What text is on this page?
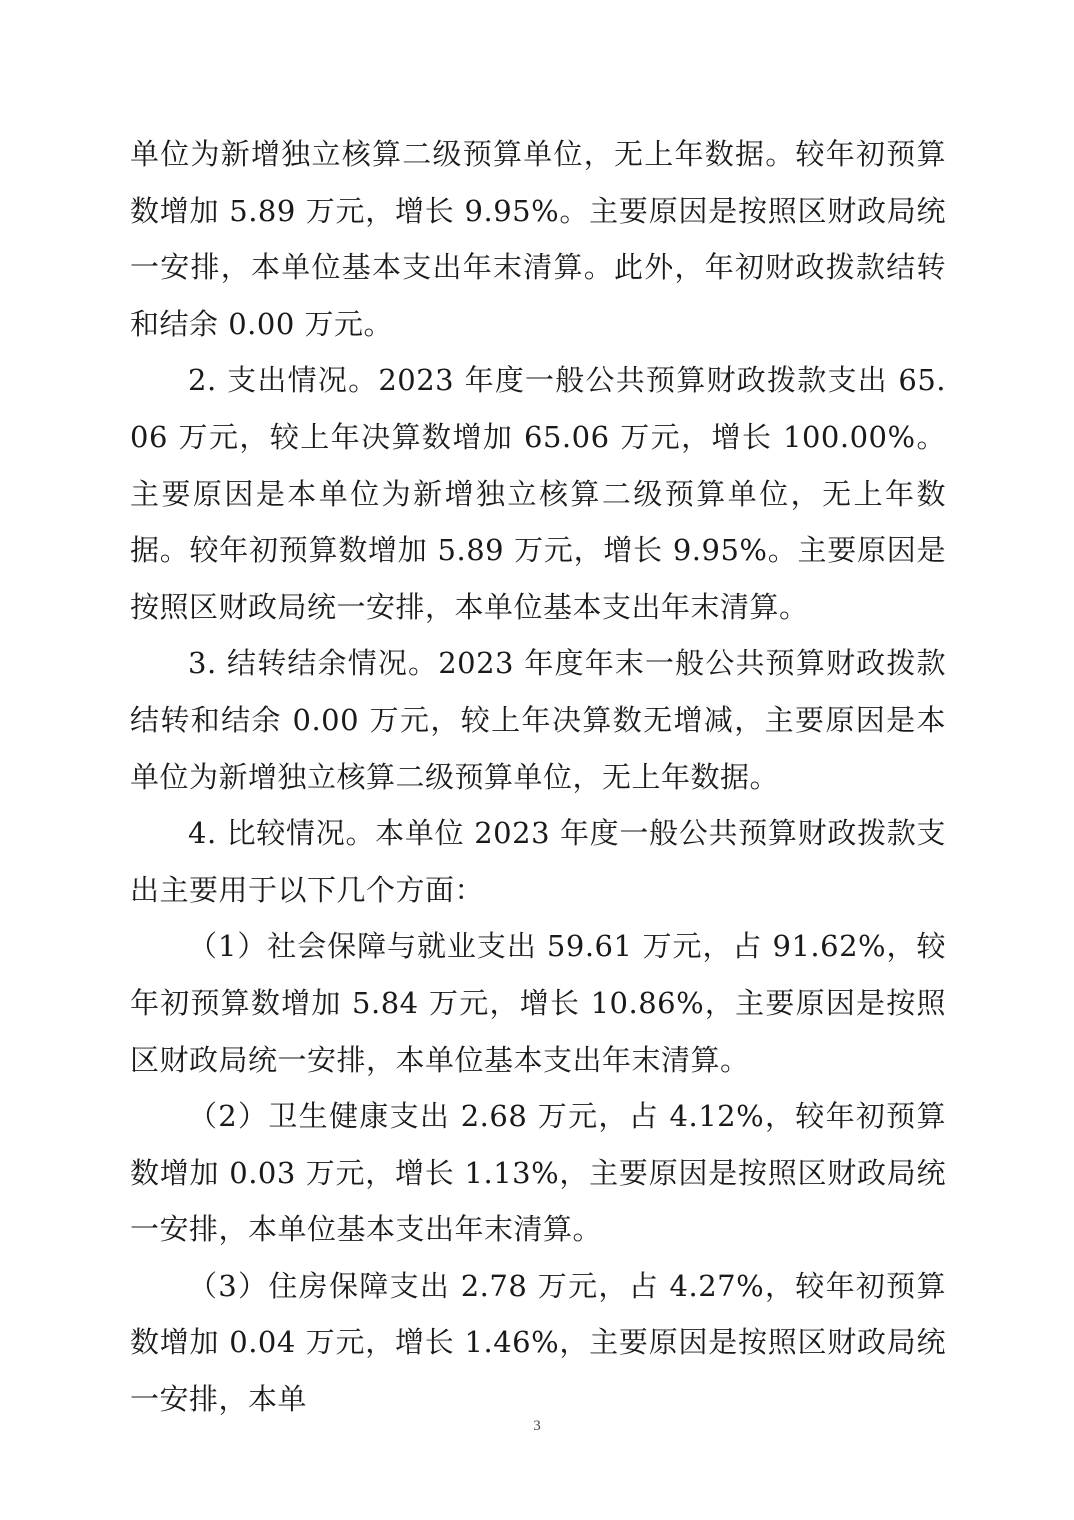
单位为新增独立核算二级预算单位，无上年数据。较年初预算数增加 5.89 万元，增长 9.95%。主要原因是按照区财政局统一安排，本单位基本支出年末清算。此外，年初财政拨款结转和结余 0.00 万元。

2. 支出情况。2023 年度一般公共预算财政拨款支出 65.06 万元，较上年决算数增加 65.06 万元，增长 100.00%。主要原因是本单位为新增独立核算二级预算单位，无上年数据。较年初预算数增加 5.89 万元，增长 9.95%。主要原因是按照区财政局统一安排，本单位基本支出年末清算。

3. 结转结余情况。2023 年度年末一般公共预算财政拨款结转和结余 0.00 万元，较上年决算数无增减，主要原因是本单位为新增独立核算二级预算单位，无上年数据。

4. 比较情况。本单位 2023 年度一般公共预算财政拨款支出主要用于以下几个方面：

（1）社会保障与就业支出 59.61 万元，占 91.62%，较年初预算数增加 5.84 万元，增长 10.86%，主要原因是按照区财政局统一安排，本单位基本支出年末清算。

（2）卫生健康支出 2.68 万元，占 4.12%，较年初预算数增加 0.03 万元，增长 1.13%，主要原因是按照区财政局统一安排，本单位基本支出年末清算。

（3）住房保障支出 2.78 万元，占 4.27%，较年初预算数增加 0.04 万元，增长 1.46%，主要原因是按照区财政局统一安排，本单

3
